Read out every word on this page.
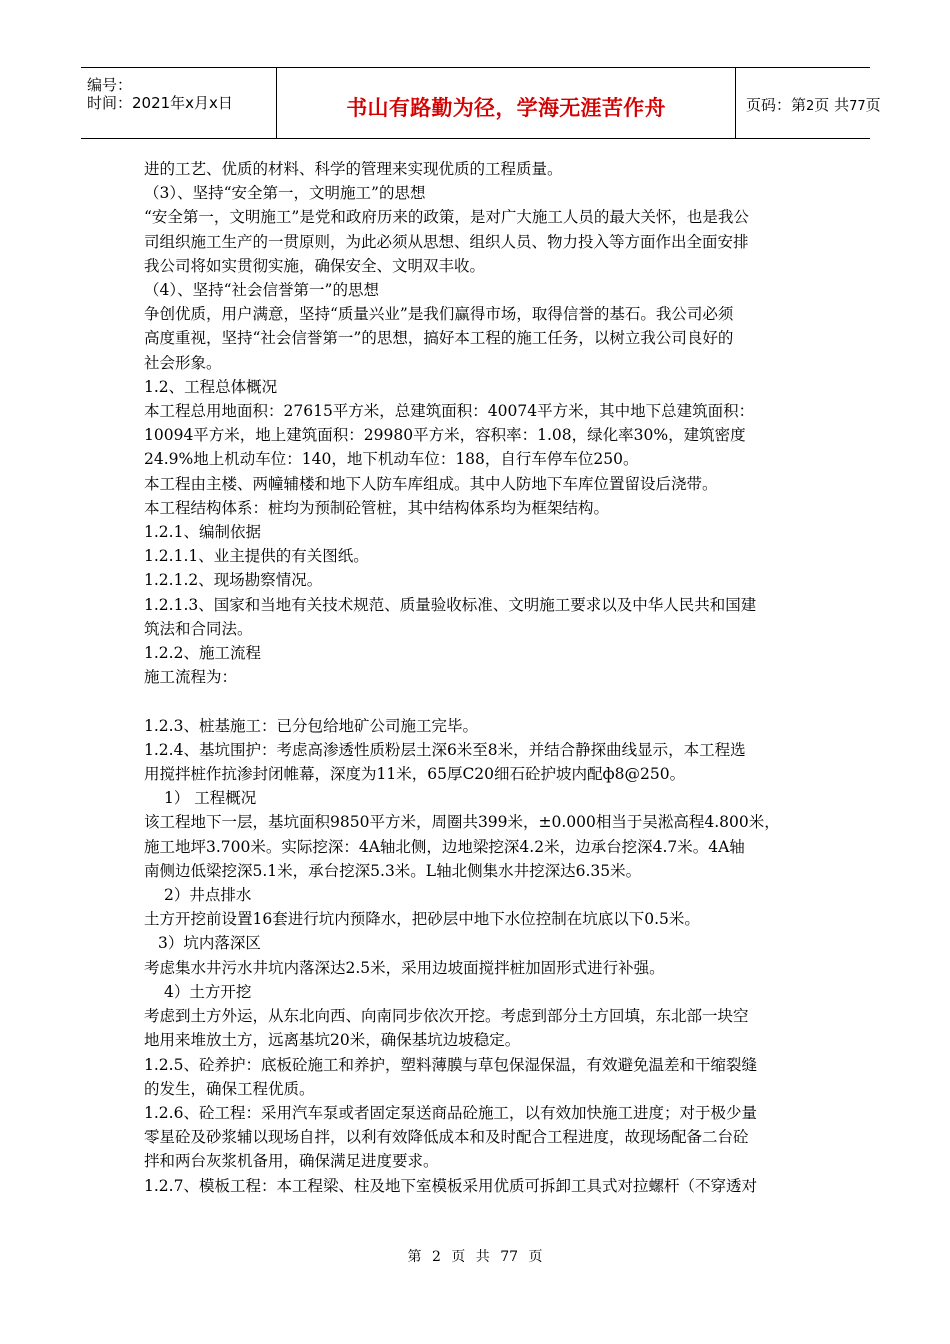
编号：
时间：2021年x月x日	书山有路勤为径，学海无涯苦作舟	页码：第2页 共77页

进的工艺、优质的材料、科学的管理来实现优质的工程质量。

（3）、坚持“安全第一，文明施工”的思想

“安全第一，文明施工”是党和政府历来的政策，是对广大施工人员的最大关怀，也是我公

司组织施工生产的一贯原则，为此必须从思想、组织人员、物力投入等方面作出全面安排

我公司将如实贯彻实施，确保安全、文明双丰收。

（4）、坚持“社会信誉第一”的思想

争创优质，用户满意，坚持“质量兴业”是我们赢得市场，取得信誉的基石。我公司必须

高度重视，坚持“社会信誉第一”的思想，搞好本工程的施工任务，以树立我公司良好的

社会形象。

1.2、工程总体概况

本工程总用地面积：27615平方米，总建筑面积：40074平方米，其中地下总建筑面积：

10094平方米，地上建筑面积：29980平方米，容积率：1.08，绿化率30%，建筑密度

24.9%地上机动车位：140，地下机动车位：188，自行车停车位250。

本工程由主楼、两幢辅楼和地下人防车库组成。其中人防地下车库位置留设后浇带。

本工程结构体系：桩均为预制砼管桩，其中结构体系均为框架结构。

1.2.1、编制依据

1.2.1.1、业主提供的有关图纸。

1.2.1.2、现场勘察情况。

1.2.1.3、国家和当地有关技术规范、质量验收标准、文明施工要求以及中华人民共和国建

筑法和合同法。

1.2.2、施工流程

施工流程为：

1.2.3、桩基施工：已分包给地矿公司施工完毕。

1.2.4、基坑围护：考虑高渗透性质粉层土深6米至8米，并结合静探曲线显示，本工程选

用搅拌桩作抗渗封闭帷幕，深度为11米，65厚C20细石砼护坡内配ф8@250。

1） 工程概况

该工程地下一层，基坑面积9850平方米，周圈共399米，±0.000相当于吴淞高程4.800米，

施工地坪3.700米。实际挖深：4A轴北侧，边地梁挖深4.2米，边承台挖深4.7米。4A轴

南侧边低梁挖深5.1米，承台挖深5.3米。L轴北侧集水井挖深达6.35米。

2）井点排水

土方开挖前设置16套进行坑内预降水，把砂层中地下水位控制在坑底以下0.5米。

3）坑内落深区

考虑集水井污水井坑内落深达2.5米，采用边坡面搅拌桩加固形式进行补强。

4）土方开挖

考虑到土方外运，从东北向西、向南同步依次开挖。考虑到部分土方回填，东北部一块空

地用来堆放土方，远离基坑20米，确保基坑边坡稳定。

1.2.5、砼养护：底板砼施工和养护，塑料薄膜与草包保湿保温，有效避免温差和干缩裂缝

的发生，确保工程优质。

1.2.6、砼工程：采用汽车泵或者固定泵送商品砼施工，以有效加快施工进度；对于极少量

零星砼及砂浆辅以现场自拌，以利有效降低成本和及时配合工程进度，故现场配备二台砼

拌和两台灰浆机备用，确保满足进度要求。

1.2.7、模板工程：本工程梁、柱及地下室模板采用优质可拆卸工具式对拉螺杆（不穿透对

第 2 页 共 77 页
